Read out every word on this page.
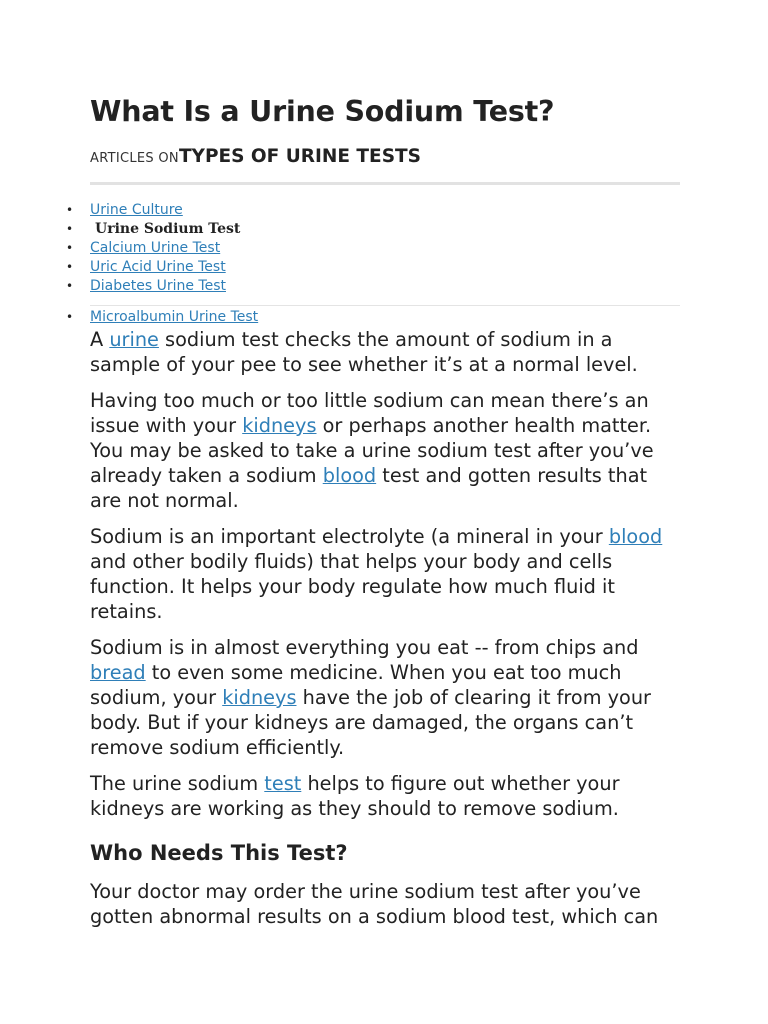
What Is a Urine Sodium Test?
ARTICLES ON TYPES OF URINE TESTS
• Urine Culture
• Urine Sodium Test
• Calcium Urine Test
• Uric Acid Urine Test
• Diabetes Urine Test
• Microalbumin Urine Test

A urine sodium test checks the amount of sodium in a sample of your pee to see whether it’s at a normal level.

Having too much or too little sodium can mean there’s an issue with your kidneys or perhaps another health matter. You may be asked to take a urine sodium test after you’ve already taken a sodium blood test and gotten results that are not normal.

Sodium is an important electrolyte (a mineral in your blood and other bodily fluids) that helps your body and cells function. It helps your body regulate how much fluid it retains.

Sodium is in almost everything you eat -- from chips and bread to even some medicine. When you eat too much sodium, your kidneys have the job of clearing it from your body. But if your kidneys are damaged, the organs can’t remove sodium efficiently.

The urine sodium test helps to figure out whether your kidneys are working as they should to remove sodium.

Who Needs This Test?

Your doctor may order the urine sodium test after you’ve gotten abnormal results on a sodium blood test, which can
